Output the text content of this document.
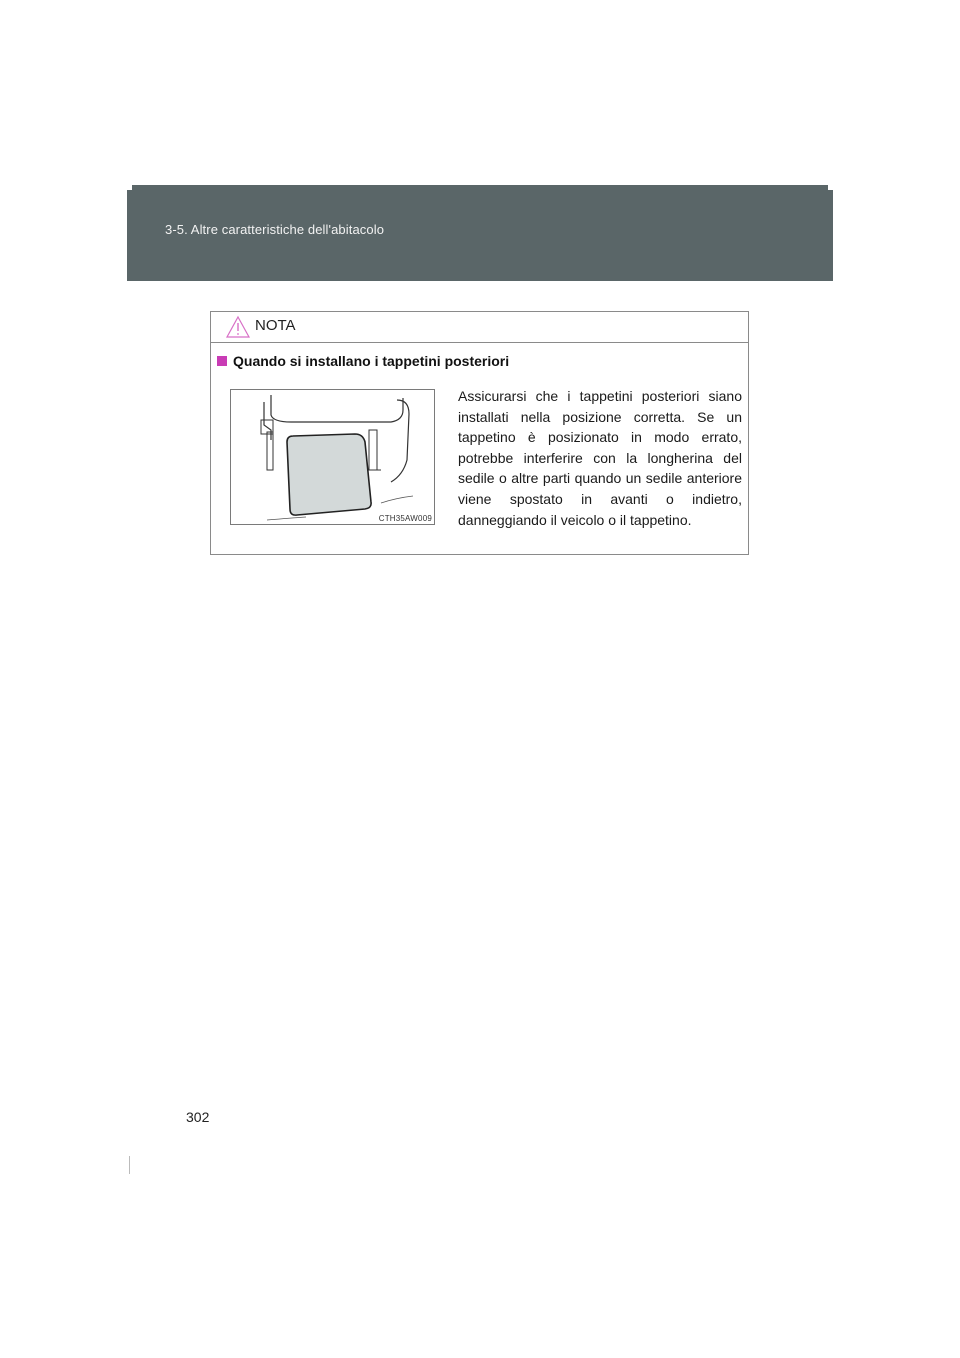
3-5. Altre caratteristiche dell'abitacolo
NOTA
Quando si installano i tappetini posteriori
CTH35AW009
Assicurarsi che i tappetini posteriori siano installati nella posizione corretta. Se un tappetino è posizionato in modo errato, potrebbe interferire con la longherina del sedile o altre parti quando un sedile anteriore viene spostato in avanti o indietro, danneggiando il veicolo o il tappetino.
302
